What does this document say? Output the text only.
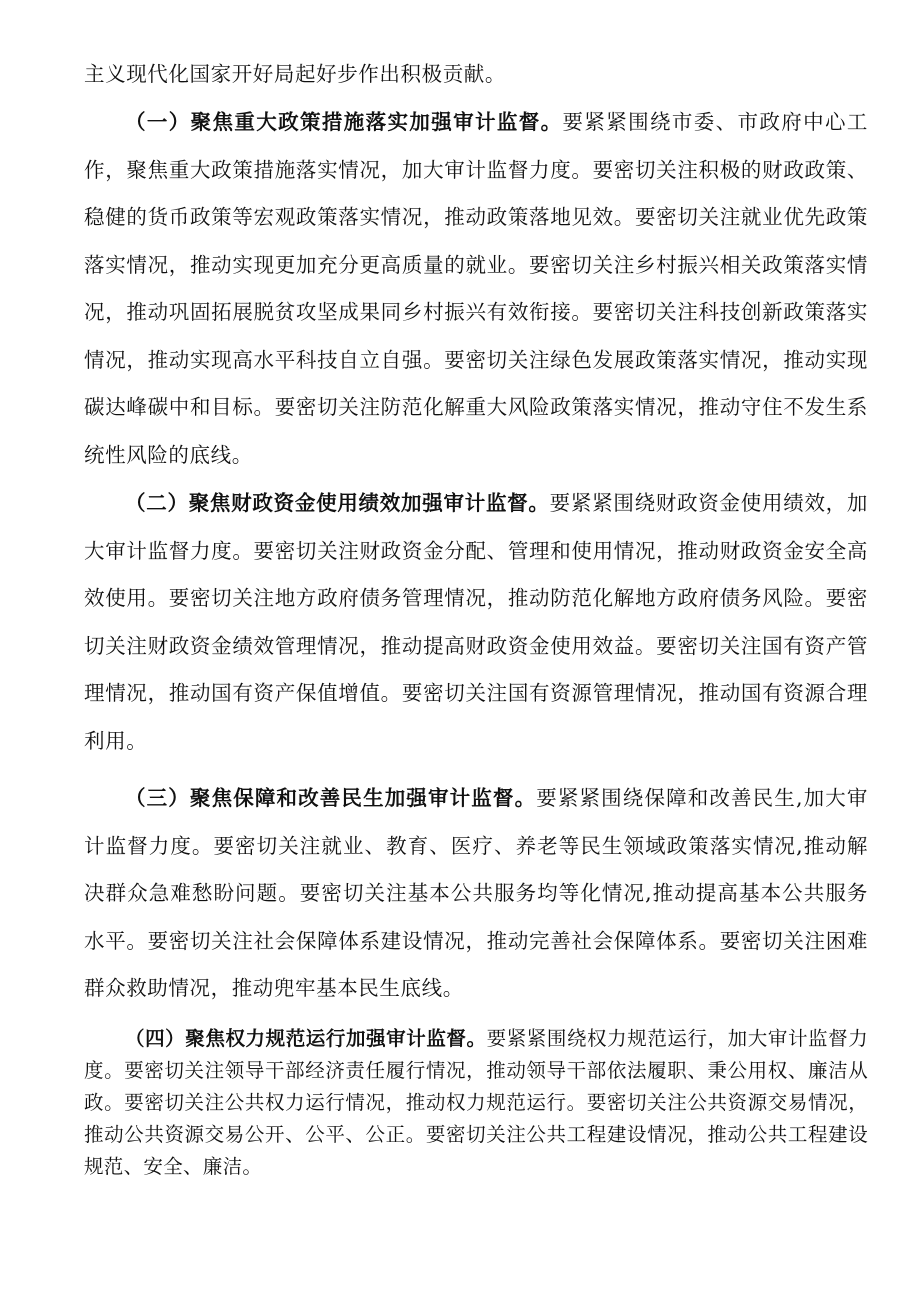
主义现代化国家开好局起好步作出积极贡献。

（一）聚焦重大政策措施落实加强审计监督。要紧紧围绕市委、市政府中心工作，聚焦重大政策措施落实情况，加大审计监督力度。要密切关注积极的财政政策、稳健的货币政策等宏观政策落实情况，推动政策落地见效。要密切关注就业优先政策落实情况，推动实现更加充分更高质量的就业。要密切关注乡村振兴相关政策落实情况，推动巩固拓展脱贫攻坚成果同乡村振兴有效衔接。要密切关注科技创新政策落实情况，推动实现高水平科技自立自强。要密切关注绿色发展政策落实情况，推动实现碳达峰碳中和目标。要密切关注防范化解重大风险政策落实情况，推动守住不发生系统性风险的底线。

（二）聚焦财政资金使用绩效加强审计监督。要紧紧围绕财政资金使用绩效，加大审计监督力度。要密切关注财政资金分配、管理和使用情况，推动财政资金安全高效使用。要密切关注地方政府债务管理情况，推动防范化解地方政府债务风险。要密切关注财政资金绩效管理情况，推动提高财政资金使用效益。要密切关注国有资产管理情况，推动国有资产保值增值。要密切关注国有资源管理情况，推动国有资源合理利用。

（三）聚焦保障和改善民生加强审计监督。要紧紧围绕保障和改善民生,加大审计监督力度。要密切关注就业、教育、医疗、养老等民生领域政策落实情况,推动解决群众急难愁盼问题。要密切关注基本公共服务均等化情况,推动提高基本公共服务水平。要密切关注社会保障体系建设情况，推动完善社会保障体系。要密切关注困难群众救助情况，推动兜牢基本民生底线。

（四）聚焦权力规范运行加强审计监督。要紧紧围绕权力规范运行，加大审计监督力度。要密切关注领导干部经济责任履行情况，推动领导干部依法履职、秉公用权、廉洁从政。要密切关注公共权力运行情况，推动权力规范运行。要密切关注公共资源交易情况，推动公共资源交易公开、公平、公正。要密切关注公共工程建设情况，推动公共工程建设规范、安全、廉洁。
